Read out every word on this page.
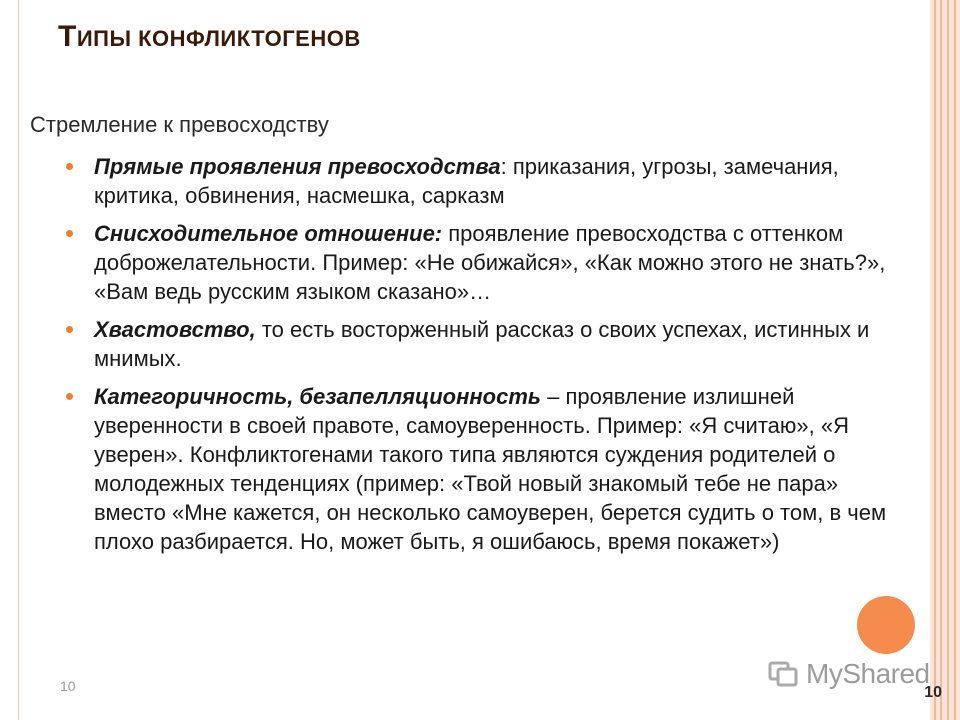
ТИПЫ КОНФЛИКТОГЕНОВ
Стремление к превосходству
Прямые проявления превосходства: приказания, угрозы, замечания, критика, обвинения, насмешка, сарказм
Снисходительное отношение: проявление превосходства с оттенком доброжелательности. Пример: «Не обижайся», «Как можно этого не знать?», «Вам ведь русским языком сказано»…
Хвастовство, то есть восторженный рассказ о своих успехах, истинных и мнимых.
Категоричность, безапелляционность – проявление излишней уверенности в своей правоте, самоуверенность. Пример: «Я считаю», «Я уверен». Конфликтогенами такого типа являются суждения родителей о молодежных тенденциях (пример: «Твой новый знакомый тебе не пара» вместо «Мне кажется, он несколько самоуверен, берется судить о том, в чем плохо разбирается. Но, может быть, я ошибаюсь, время покажет»)
10	MyShared
10
